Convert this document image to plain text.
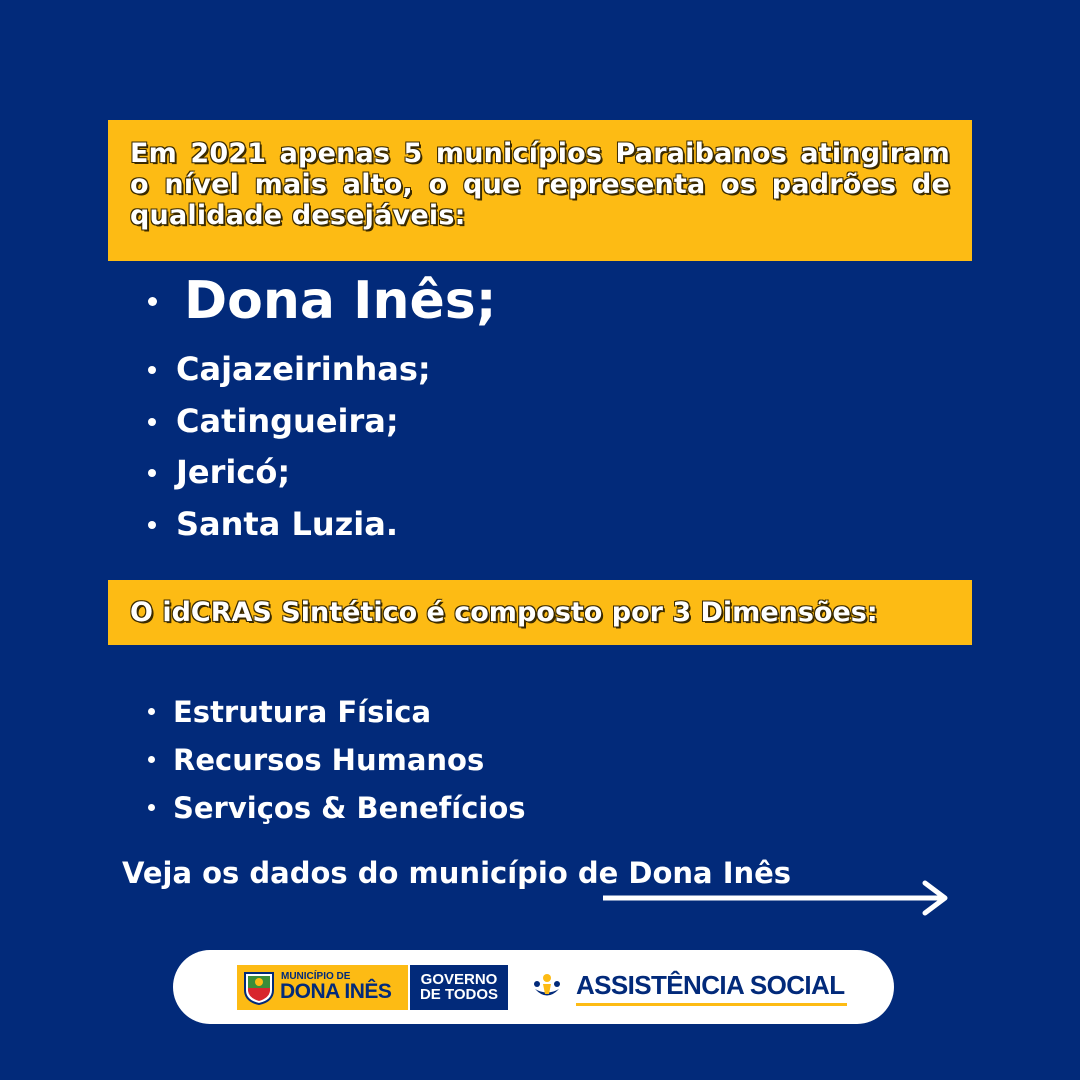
Em 2021 apenas 5 municípios Paraibanos atingiram o nível mais alto, o que representa os padrões de qualidade desejáveis:

Dona Inês;
Cajazeirinhas;
Catingueira;
Jericó;
Santa Luzia.

O idCRAS Sintético é composto por 3 Dimensões:

Estrutura Física
Recursos Humanos
Serviços & Benefícios

Veja os dados do município de Dona Inês

MUNICÍPIO DE
DONA INÊS
GOVERNO
DE TODOS	ASSISTÊNCIA SOCIAL
